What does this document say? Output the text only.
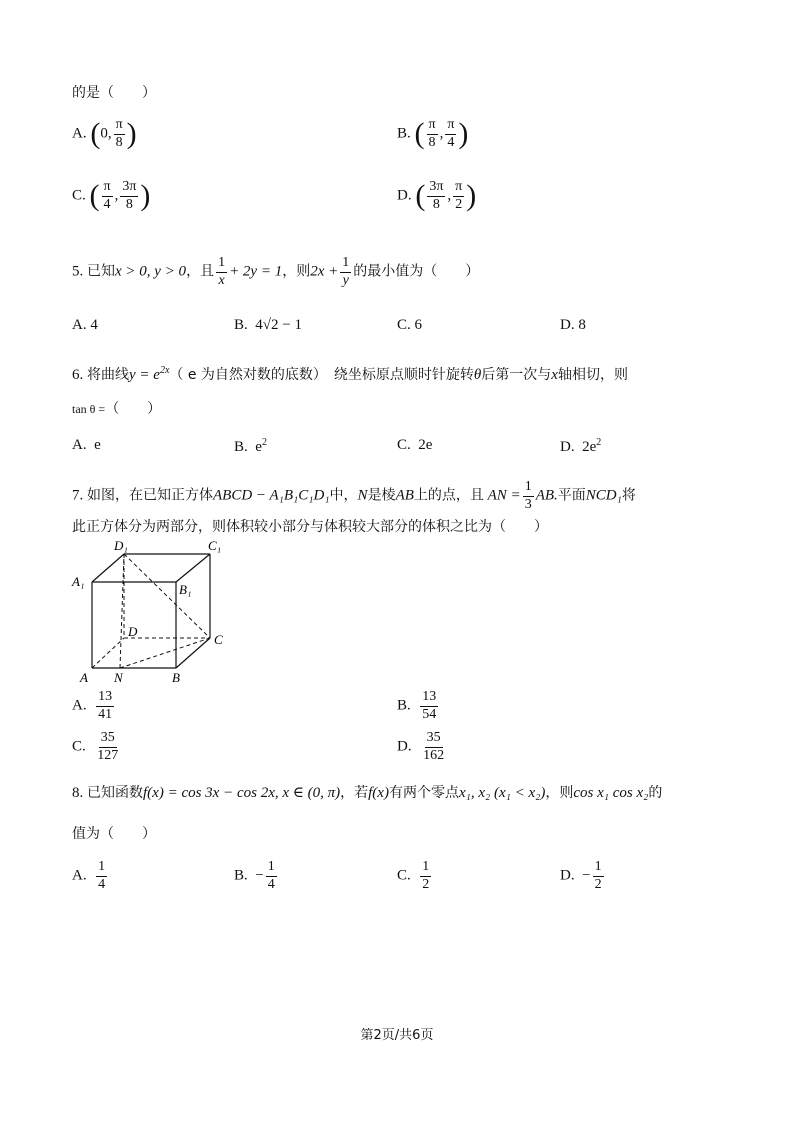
的是（　　）
A. (0, $\frac{\pi}{8}$ )	B. ( $\frac{\pi}{8}$ , $\frac{\pi}{4}$ )
C. ( $\frac{\pi}{4}$ , $\frac{3\pi}{8}$ )	D. ( $\frac{3\pi}{8}$ , $\frac{\pi}{2}$ )
5. 已知x > 0, y > 0，且 $\frac{1}{x} + 2y = 1$，则$2x + \frac{1}{y}$ 的最小值为（　　）
A. 4	B. 4√2 − 1	C. 6	D. 8
6. 将曲线$y = e^{2x}$（ e 为自然对数的底数）　绕坐标原点顺时针旋转θ后第一次与x轴相切，则
tan θ =（　　）
A. e	B. $e^2$	C. 2e	D. $2e^2$
7. 如图，在已知正方体ABCD − A₁B₁C₁D₁中，N是棱AB上的点，且 AN = $\frac{1}{3}$ AB.平面NCD₁将
此正方体分为两部分，则体积较小部分与体积较大部分的体积之比为（　　）
D₁	C₁
A₁
B₁
D
C
A N	B
A. $\frac{13}{41}$	B. $\frac{13}{54}$
C. $\frac{35}{127}$	D. $\frac{35}{162}$
8. 已知函数f(x) = cos 3x − cos 2x, x ∈ (0, π)，若f(x)有两个零点x₁, x₂ (x₁ < x₂)，则cos x₁ cos x₂的
值为（　　）
A. $\frac{1}{4}$	B. − $\frac{1}{4}$	C. $\frac{1}{2}$	D. − $\frac{1}{2}$
第2页/共6页
